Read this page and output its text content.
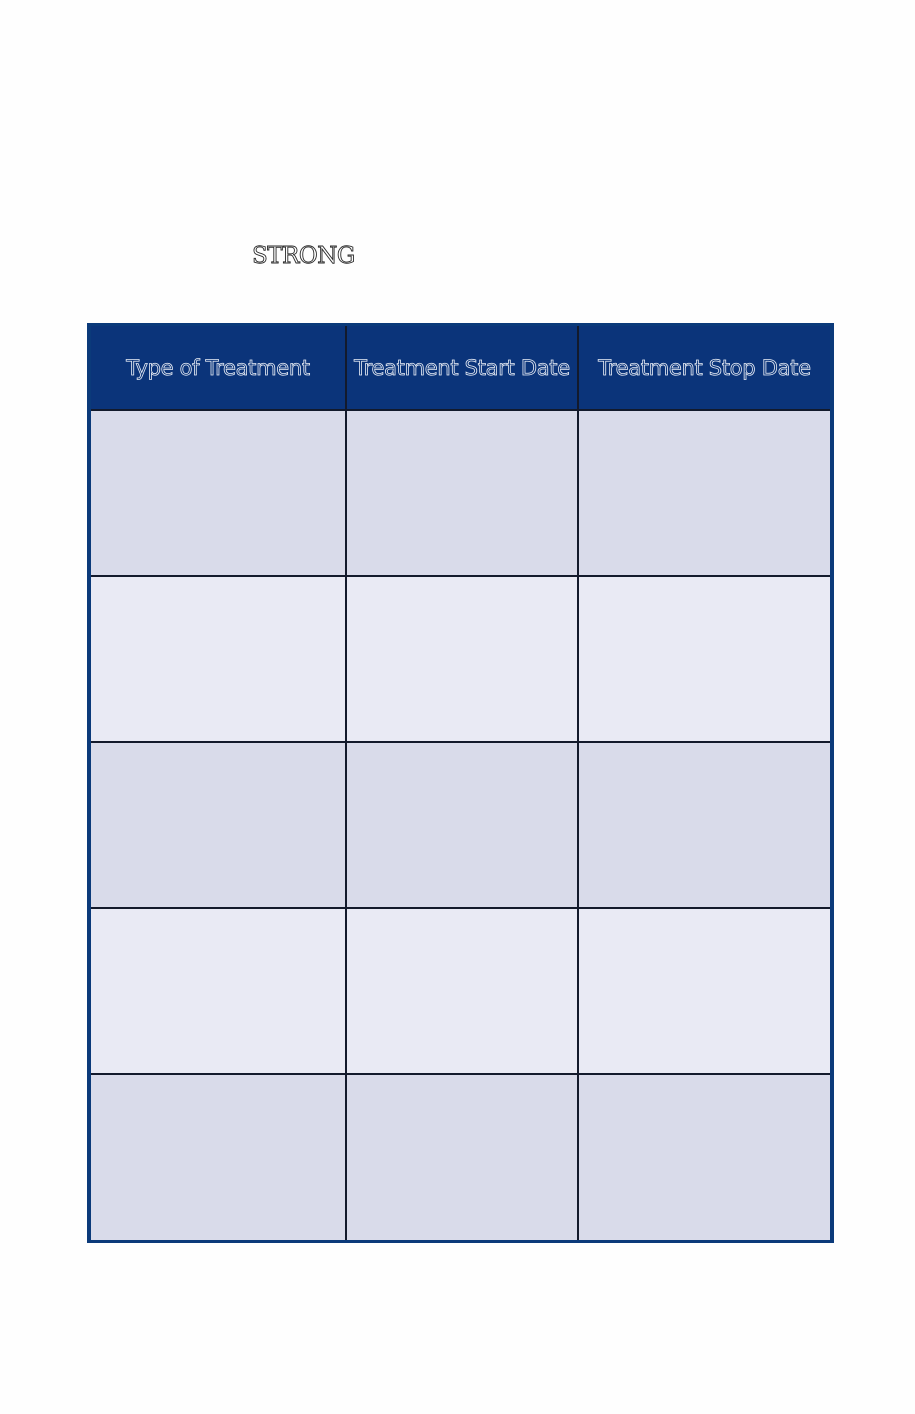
STRONG
Type of Treatment	Treatment Start Date	Treatment Stop Date
